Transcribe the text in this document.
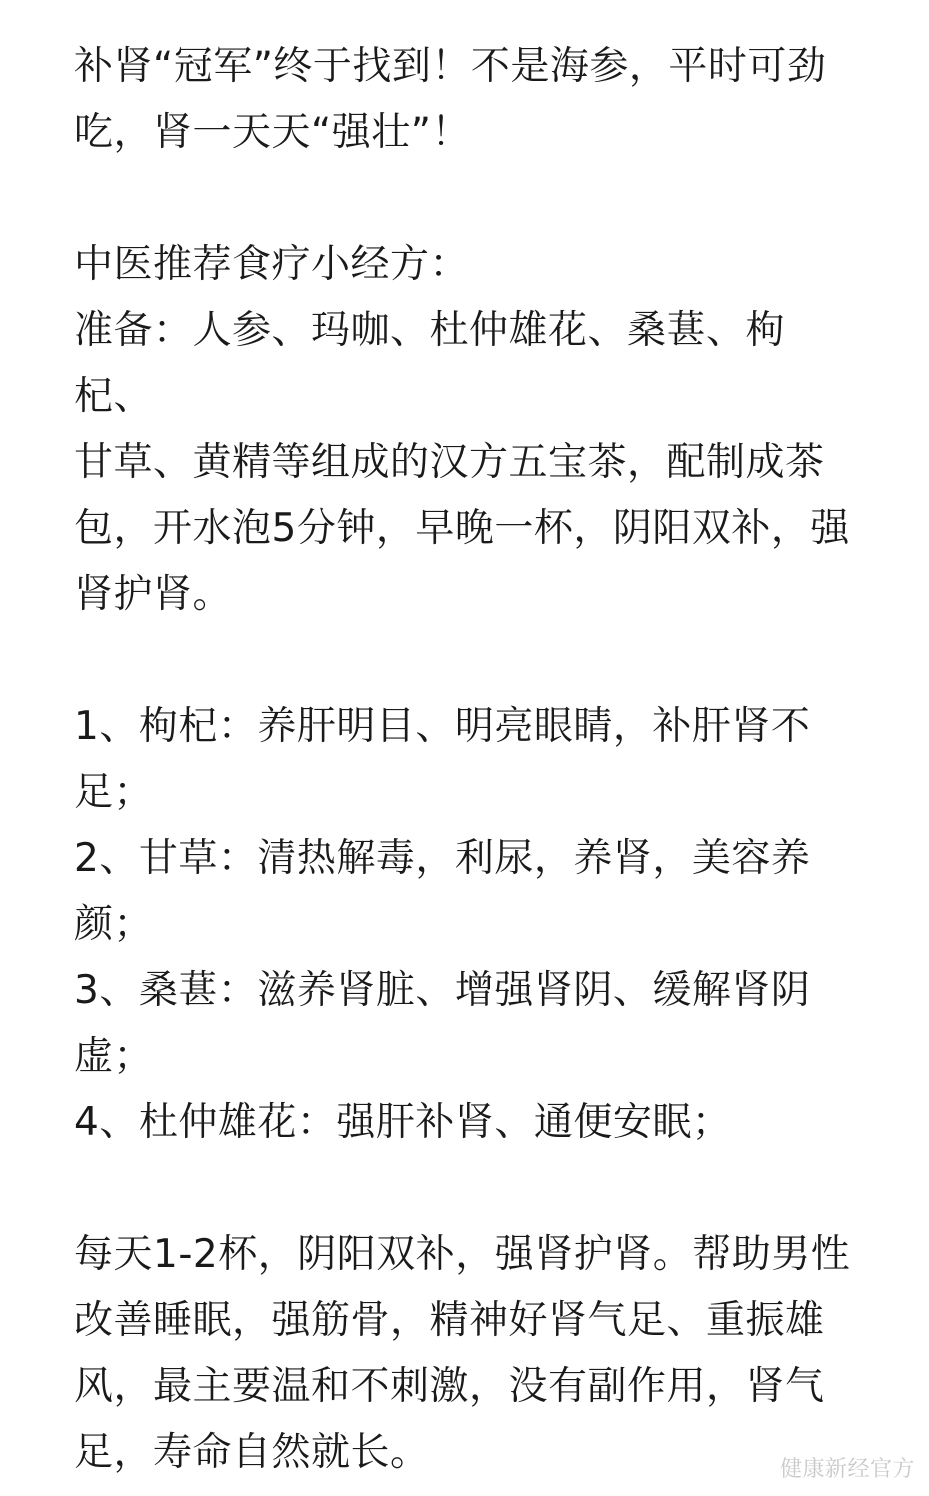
补肾“冠军”终于找到！不是海参，平时可劲
吃，肾一天天“强壮”！
中医推荐食疗小经方：
准备：人参、玛咖、杜仲雄花、桑葚、枸杞、
甘草、黄精等组成的汉方五宝茶，配制成茶
包，开水泡5分钟，早晚一杯，阴阳双补，强
肾护肾。
1、枸杞：养肝明目、明亮眼睛，补肝肾不
足；
2、甘草：清热解毒，利尿，养肾，美容养
颜；
3、桑葚：滋养肾脏、增强肾阴、缓解肾阴
虚；
4、杜仲雄花：强肝补肾、通便安眠；
每天1-2杯，阴阳双补，强肾护肾。帮助男性
改善睡眠，强筋骨，精神好肾气足、重振雄
风，最主要温和不刺激，没有副作用，肾气
足，寿命自然就长。	健康新经官方
